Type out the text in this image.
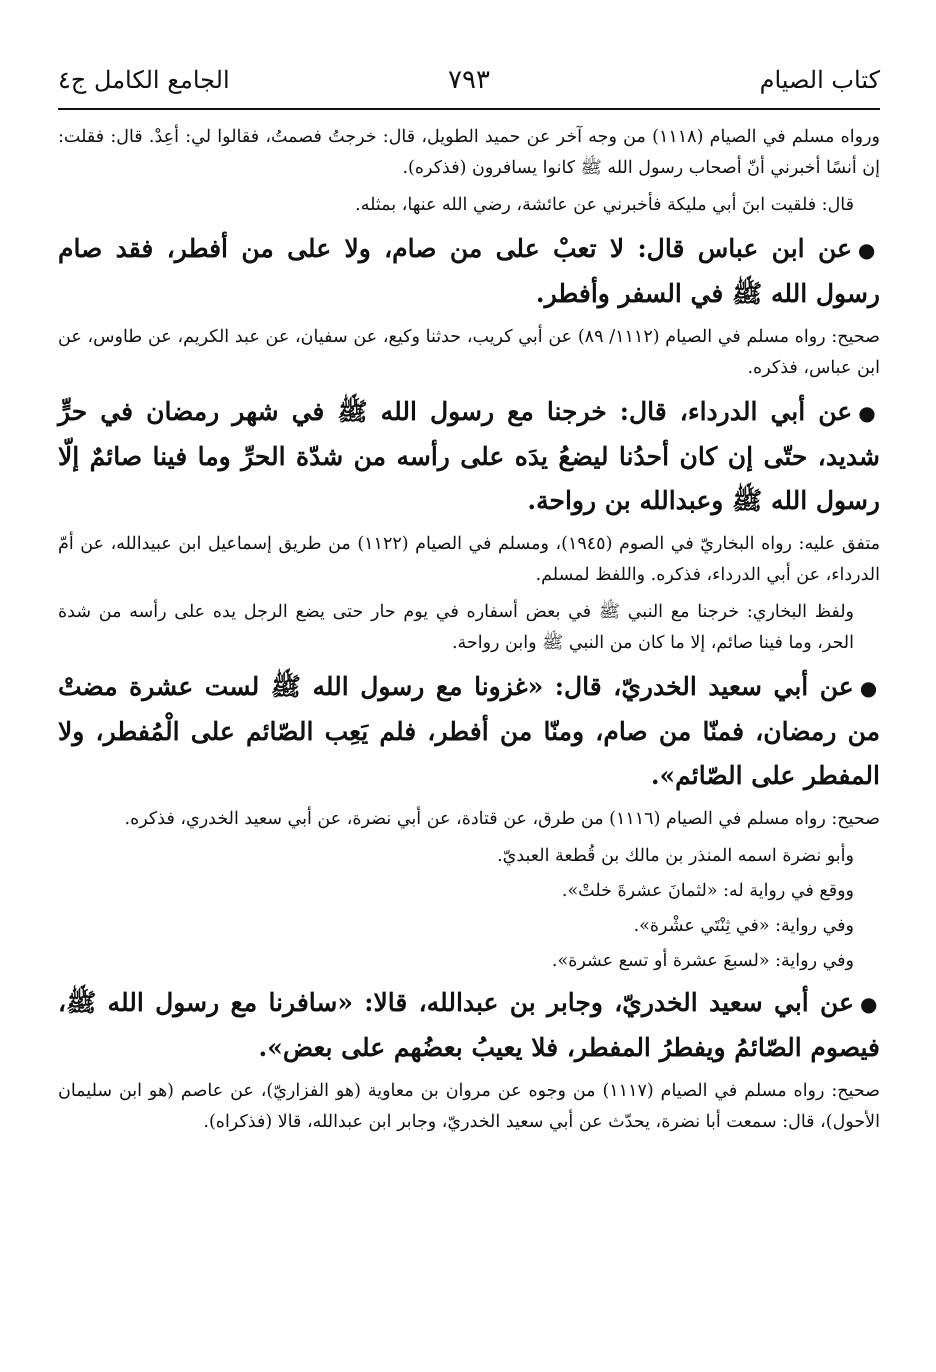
كتاب الصيام
٧٩٣
الجامع الكامل ج٤

ورواه مسلم في الصيام (١١١٨) من وجه آخر عن حميد الطويل، قال: خرجتُ فصمتُ، فقالوا لي: أعِدْ. قال: فقلت: إن أنسًا أخبرني أنّ أصحاب رسول الله ﷺ كانوا يسافرون (فذكره).

قال: فلقيت ابنَ أبي مليكة فأخبرني عن عائشة، رضي الله عنها، بمثله.

●عن ابن عباس قال: لا تعبْ على من صام، ولا على من أفطر، فقد صام رسول الله ﷺ في السفر وأفطر.

صحيح: رواه مسلم في الصيام (١١١٢/ ٨٩) عن أبي كريب، حدثنا وكيع، عن سفيان، عن عبد الكريم، عن طاوس، عن ابن عباس، فذكره.

●عن أبي الدرداء، قال: خرجنا مع رسول الله ﷺ في شهر رمضان في حرٍّ شديد، حتّى إن كان أحدُنا ليضعُ يدَه على رأسه من شدّة الحرِّ وما فينا صائمٌ إلّا رسول الله ﷺ وعبدالله بن رواحة.

متفق عليه: رواه البخاريّ في الصوم (١٩٤٥)، ومسلم في الصيام (١١٢٢) من طريق إسماعيل ابن عبيدالله، عن أمّ الدرداء، عن أبي الدرداء، فذكره. واللفظ لمسلم.

ولفظ البخاري: خرجنا مع النبي ﷺ في بعض أسفاره في يوم حار حتى يضع الرجل يده على رأسه من شدة الحر، وما فينا صائم، إلا ما كان من النبي ﷺ وابن رواحة.

●عن أبي سعيد الخدريّ، قال: «غزونا مع رسول الله ﷺ لست عشرة مضتْ من رمضان، فمنّا من صام، ومنّا من أفطر، فلم يَعِب الصّائم على الْمُفطر، ولا المفطر على الصّائم».

صحيح: رواه مسلم في الصيام (١١١٦) من طرق، عن قتادة، عن أبي نضرة، عن أبي سعيد الخدري، فذكره.

وأبو نضرة اسمه المنذر بن مالك بن قُطعة العبديّ.

ووقع في رواية له: «لثمانَ عشرةَ خلتْ».

وفي رواية: «في ثِنْتَي عشْرة».

وفي رواية: «لسبعَ عشرة أو تسع عشرة».

●عن أبي سعيد الخدريّ، وجابر بن عبدالله، قالا: «سافرنا مع رسول الله ﷺ، فيصوم الصّائمُ ويفطرُ المفطر، فلا يعيبُ بعضُهم على بعض».

صحيح: رواه مسلم في الصيام (١١١٧) من وجوه عن مروان بن معاوية (هو الفزاريّ)، عن عاصم (هو ابن سليمان الأحول)، قال: سمعت أبا نضرة، يحدّث عن أبي سعيد الخدريّ، وجابر ابن عبدالله، قالا (فذكراه).
